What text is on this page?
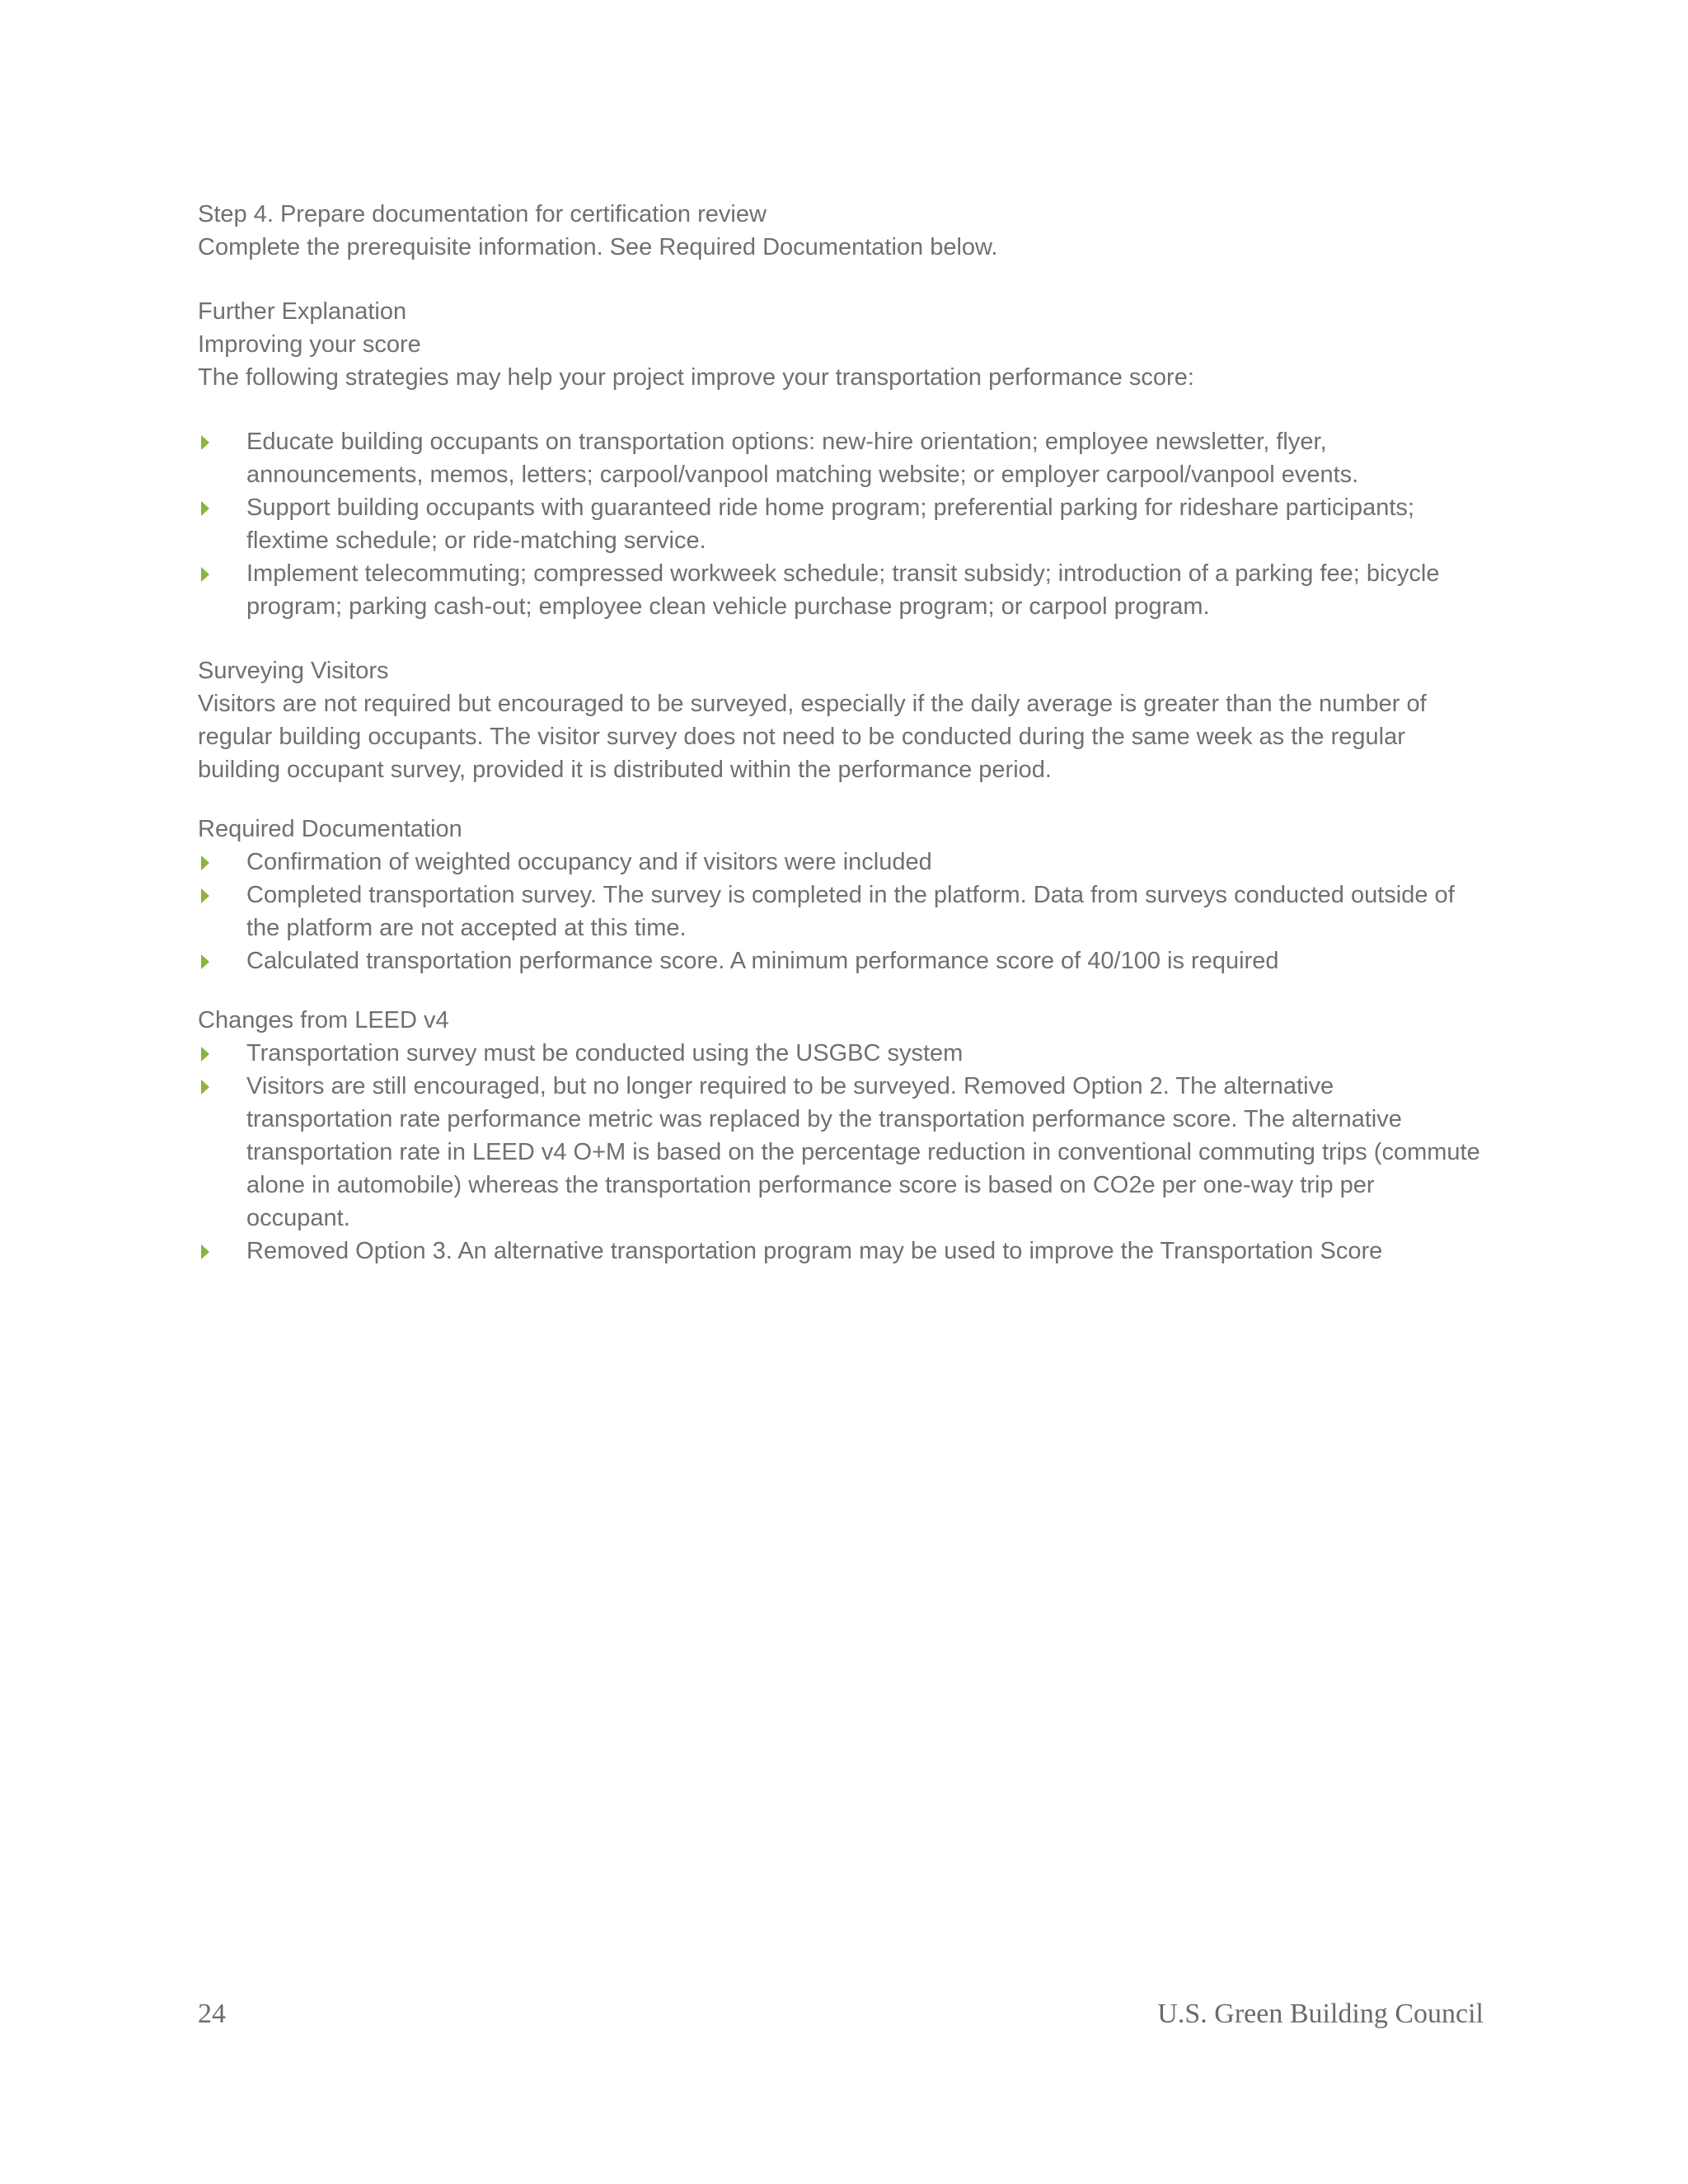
Step 4. Prepare documentation for certification review

Complete the prerequisite information. See Required Documentation below.

Further Explanation

Improving your score

The following strategies may help your project improve your transportation performance score:

Educate building occupants on transportation options: new-hire orientation; employee newsletter, flyer, announcements, memos, letters; carpool/vanpool matching website; or employer carpool/vanpool events.
Support building occupants with guaranteed ride home program; preferential parking for rideshare participants; flextime schedule; or ride-matching service.
Implement telecommuting; compressed workweek schedule; transit subsidy; introduction of a parking fee; bicycle program; parking cash-out; employee clean vehicle purchase program; or carpool program.

Surveying Visitors

Visitors are not required but encouraged to be surveyed, especially if the daily average is greater than the number of regular building occupants. The visitor survey does not need to be conducted during the same week as the regular building occupant survey, provided it is distributed within the performance period.

Required Documentation

Confirmation of weighted occupancy and if visitors were included
Completed transportation survey. The survey is completed in the platform. Data from surveys conducted outside of the platform are not accepted at this time.
Calculated transportation performance score. A minimum performance score of 40/100 is required

Changes from LEED v4

Transportation survey must be conducted using the USGBC system
Visitors are still encouraged, but no longer required to be surveyed. Removed Option 2. The alternative transportation rate performance metric was replaced by the transportation performance score. The alternative transportation rate in LEED v4 O+M is based on the percentage reduction in conventional commuting trips (commute alone in automobile) whereas the transportation performance score is based on CO2e per one-way trip per occupant.
Removed Option 3. An alternative transportation program may be used to improve the Transportation Score
24	U.S. Green Building Council
